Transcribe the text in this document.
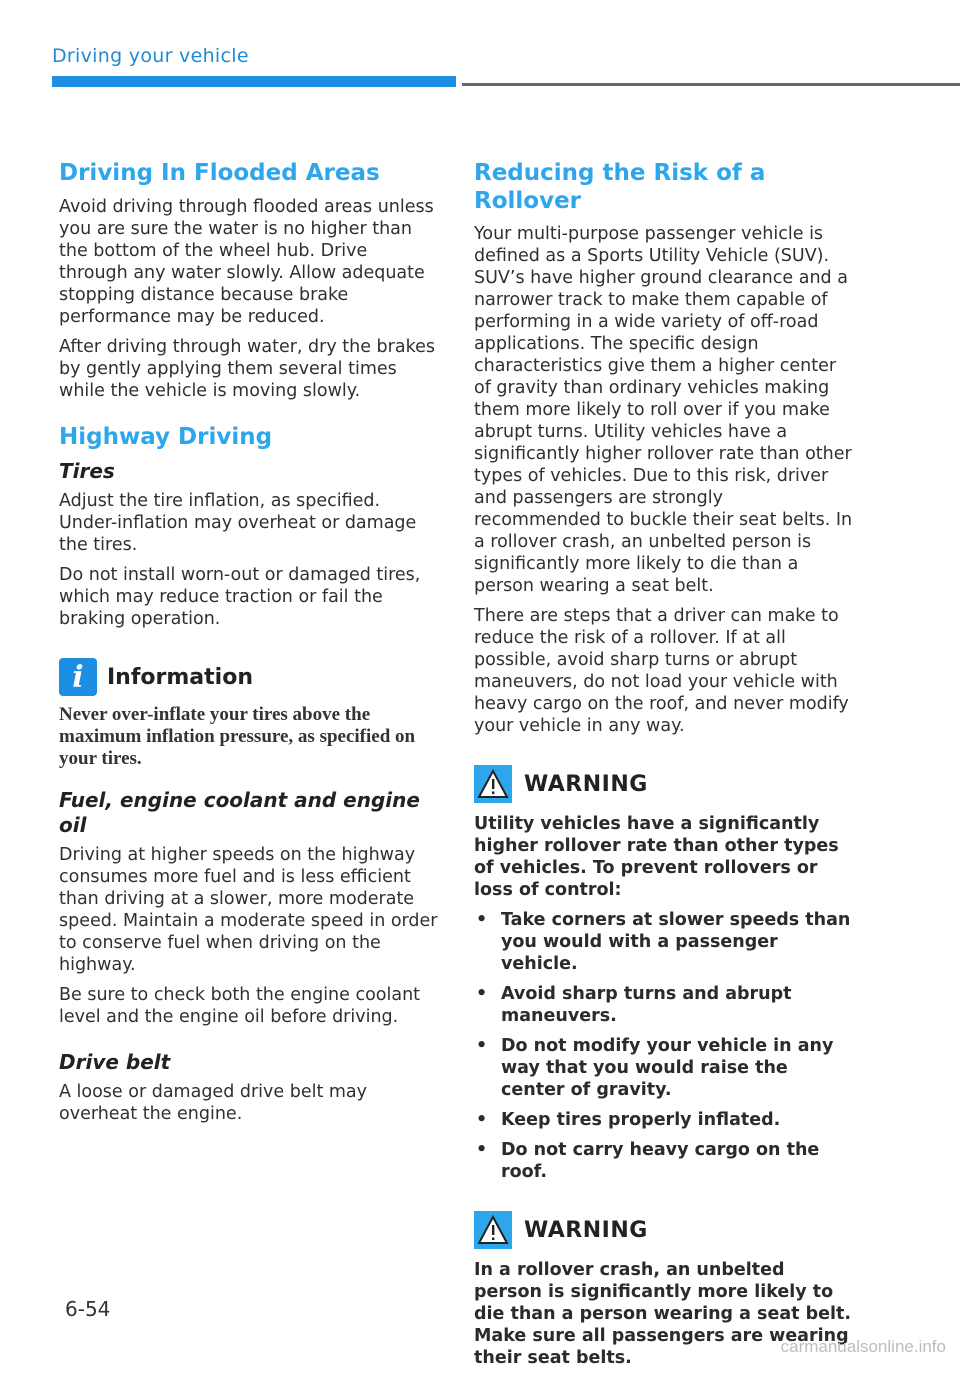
Driving your vehicle
Driving In Flooded Areas

Avoid driving through flooded areas unless you are sure the water is no higher than the bottom of the wheel hub. Drive through any water slowly. Allow adequate stopping distance because brake performance may be reduced.

After driving through water, dry the brakes by gently applying them several times while the vehicle is moving slowly.

Highway Driving
Tires

Adjust the tire inflation, as specified. Under-inflation may overheat or damage the tires.

Do not install worn-out or damaged tires, which may reduce traction or fail the braking operation.

i	Information

Never over-inflate your tires above the maximum inflation pressure, as specified on your tires.

Fuel, engine coolant and engine oil

Driving at higher speeds on the highway consumes more fuel and is less efficient than driving at a slower, more moderate speed. Maintain a moderate speed in order to conserve fuel when driving on the highway.

Be sure to check both the engine coolant level and the engine oil before driving.

Drive belt

A loose or damaged drive belt may overheat the engine.

Reducing the Risk of a Rollover

Your multi-purpose passenger vehicle is defined as a Sports Utility Vehicle (SUV). SUV’s have higher ground clearance and a narrower track to make them capable of performing in a wide variety of off-road applications. The specific design characteristics give them a higher center of gravity than ordinary vehicles making them more likely to roll over if you make abrupt turns. Utility vehicles have a significantly higher rollover rate than other types of vehicles. Due to this risk, driver and passengers are strongly recommended to buckle their seat belts. In a rollover crash, an unbelted person is significantly more likely to die than a person wearing a seat belt.

There are steps that a driver can make to reduce the risk of a rollover. If at all possible, avoid sharp turns or abrupt maneuvers, do not load your vehicle with heavy cargo on the roof, and never modify your vehicle in any way.

WARNING

Utility vehicles have a significantly higher rollover rate than other types of vehicles. To prevent rollovers or loss of control:

• Take corners at slower speeds than you would with a passenger vehicle.
• Avoid sharp turns and abrupt maneuvers.
• Do not modify your vehicle in any way that you would raise the center of gravity.
• Keep tires properly inflated.
• Do not carry heavy cargo on the roof.
WARNING

In a rollover crash, an unbelted person is significantly more likely to die than a person wearing a seat belt. Make sure all passengers are wearing their seat belts.

6-54
carmanualsonline.info
